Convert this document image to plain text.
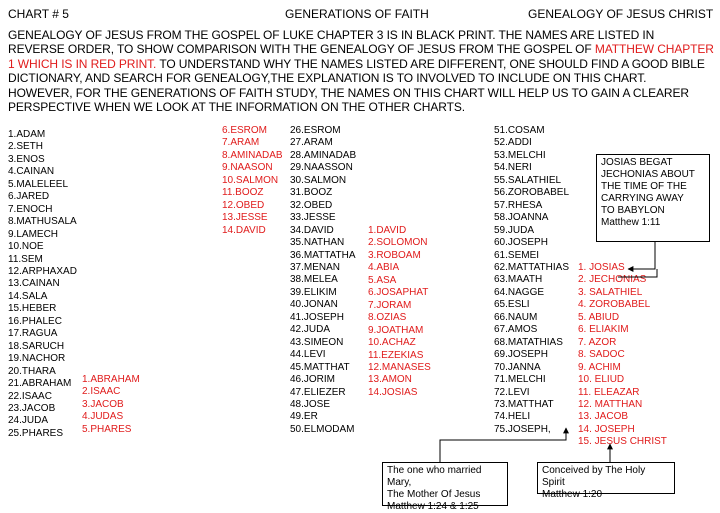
CHART # 5	GENERATIONS OF FAITH	GENEALOGY OF JESUS CHRIST
GENEALOGY OF JESUS FROM THE GOSPEL OF LUKE CHAPTER 3 IS IN BLACK PRINT. THE NAMES ARE LISTED IN REVERSE ORDER, TO SHOW COMPARISON WITH THE GENEALOGY OF JESUS FROM THE GOSPEL OF MATTHEW CHAPTER 1 WHICH IS IN RED PRINT. TO UNDERSTAND WHY THE NAMES LISTED ARE DIFFERENT, ONE SHOULD FIND A GOOD BIBLE DICTIONARY, AND SEARCH FOR GENEALOGY,THE EXPLANATION IS TO INVOLVED TO INCLUDE ON THIS CHART. HOWEVER, FOR THE GENERATIONS OF FAITH STUDY, THE NAMES ON THIS CHART WILL HELP US TO GAIN A CLEARER PERSPECTIVE WHEN WE LOOK AT THE INFORMATION ON THE OTHER CHARTS.
1.ADAM
2.SETH
3.ENOS
4.CAINAN
5.MALELEEL
6.JARED
7.ENOCH
8.MATHUSALA
9.LAMECH
10.NOE
11.SEM
12.ARPHAXAD
13.CAINAN
14.SALA
15.HEBER
16.PHALEC
17.RAGUA
18.SARUCH
19.NACHOR
20.THARA
21.ABRAHAM
22.ISAAC
23.JACOB
24.JUDA
25.PHARES
1.ABRAHAM
2.ISAAC
3.JACOB
4.JUDAS
5.PHARES
6.ESROM
7.ARAM
8.AMINADAB
9.NAASON
10.SALMON
11.BOOZ
12.OBED
13.JESSE
14.DAVID
26.ESROM
27.ARAM
28.AMINADAB
29.NAASSON
30.SALMON
31.BOOZ
32.OBED
33.JESSE
34.DAVID
35.NATHAN
36.MATTATHA
37.MENAN
38.MELEA
39.ELIKIM
40.JONAN
41.JOSEPH
42.JUDA
43.SIMEON
44.LEVI
45.MATTHAT
46.JORIM
47.ELIEZER
48.JOSE
49.ER
50.ELMODAM
1.DAVID
2.SOLOMON
3.ROBOAM
4.ABIA
5.ASA
6.JOSAPHAT
7.JORAM
8.OZIAS
9.JOATHAM
10.ACHAZ
11.EZEKIAS
12.MANASES
13.AMON
14.JOSIAS
51.COSAM
52.ADDI
53.MELCHI
54.NERI
55.SALATHIEL
56.ZOROBABEL
57.RHESA
58.JOANNA
59.JUDA
60.JOSEPH
61.SEMEI
62.MATTATHIAS
63.MAATH
64.NAGGE
65.ESLI
66.NAUM
67.AMOS
68.MATATHIAS
69.JOSEPH
70.JANNA
71.MELCHI
72.LEVI
73.MATTHAT
74.HELI
75.JOSEPH,
1. JOSIAS
2. JECHONIAS
3. SALATHIEL
4. ZOROBABEL
5. ABIUD
6. ELIAKIM
7. AZOR
8. SADOC
9. ACHIM
10. ELIUD
11. ELEAZAR
12. MATTHAN
13. JACOB
14. JOSEPH
15. JESUS CHRIST
JOSIAS BEGAT
JECHONIAS ABOUT
THE TIME OF THE
CARRYING AWAY
TO BABYLON
Matthew 1:11
The one who married Mary,
The Mother Of Jesus
Matthew 1:24 & 1:25
Conceived by The Holy Spirit
Matthew 1:20
